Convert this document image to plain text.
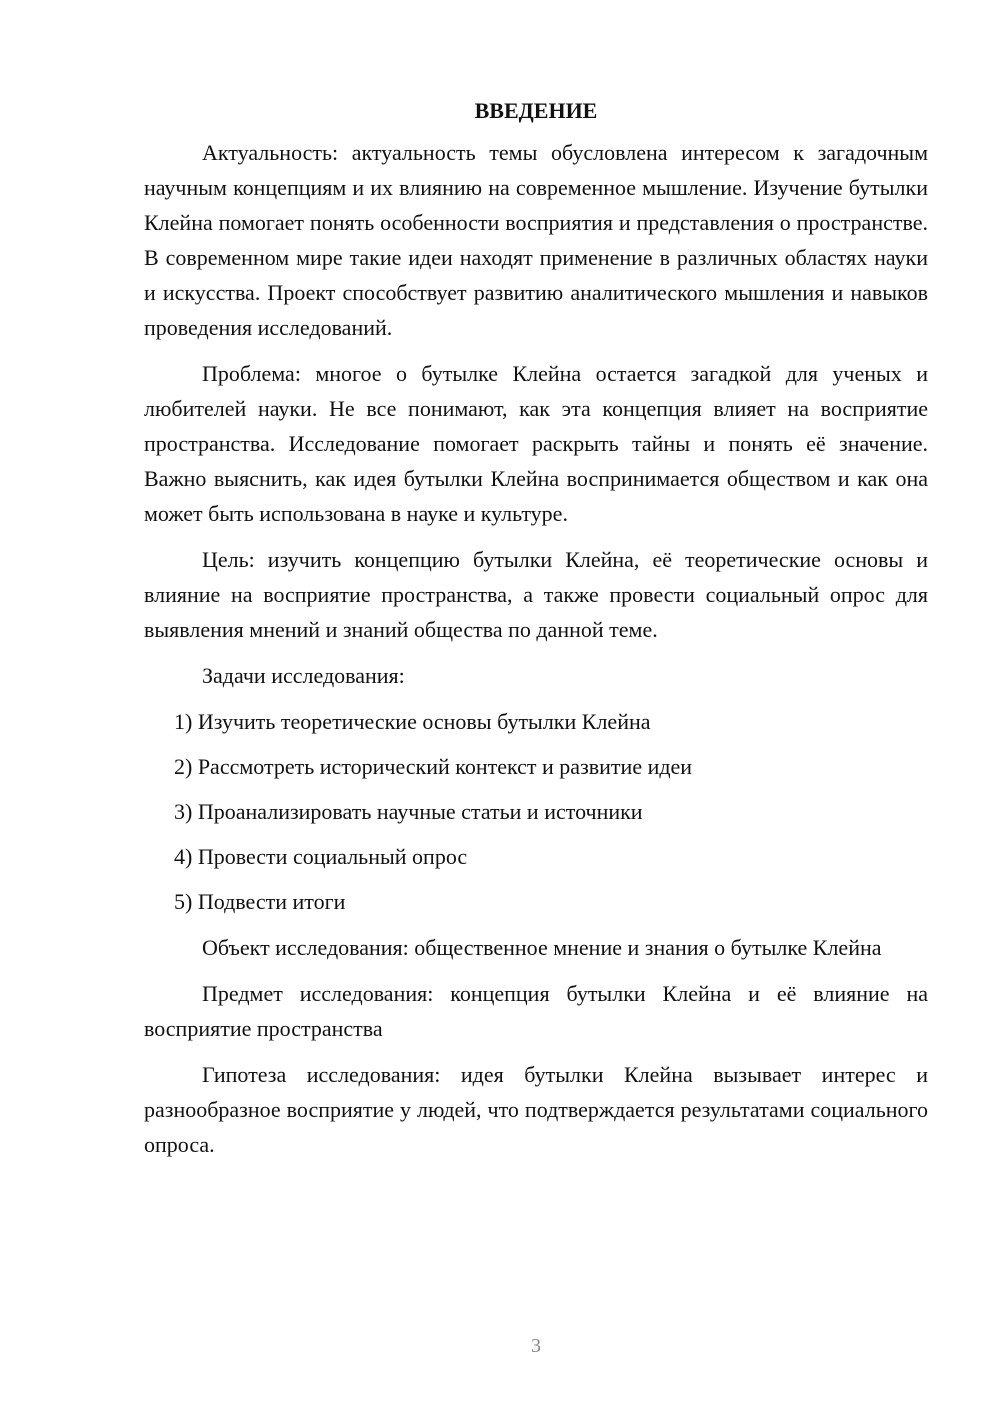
ВВЕДЕНИЕ

Актуальность: актуальность темы обусловлена интересом к загадочным научным концепциям и их влиянию на современное мышление. Изучение бутылки Клейна помогает понять особенности восприятия и представления о пространстве. В современном мире такие идеи находят применение в различных областях науки и искусства. Проект способствует развитию аналитического мышления и навыков проведения исследований.

Проблема: многое о бутылке Клейна остается загадкой для ученых и любителей науки. Не все понимают, как эта концепция влияет на восприятие пространства. Исследование помогает раскрыть тайны и понять её значение. Важно выяснить, как идея бутылки Клейна воспринимается обществом и как она может быть использована в науке и культуре.

Цель: изучить концепцию бутылки Клейна, её теоретические основы и влияние на восприятие пространства, а также провести социальный опрос для выявления мнений и знаний общества по данной теме.

Задачи исследования:

1) Изучить теоретические основы бутылки Клейна
2) Рассмотреть исторический контекст и развитие идеи
3) Проанализировать научные статьи и источники
4) Провести социальный опрос
5) Подвести итоги

Объект исследования: общественное мнение и знания о бутылке Клейна

Предмет исследования: концепция бутылки Клейна и её влияние на восприятие пространства

Гипотеза исследования: идея бутылки Клейна вызывает интерес и разнообразное восприятие у людей, что подтверждается результатами социального опроса.

3
